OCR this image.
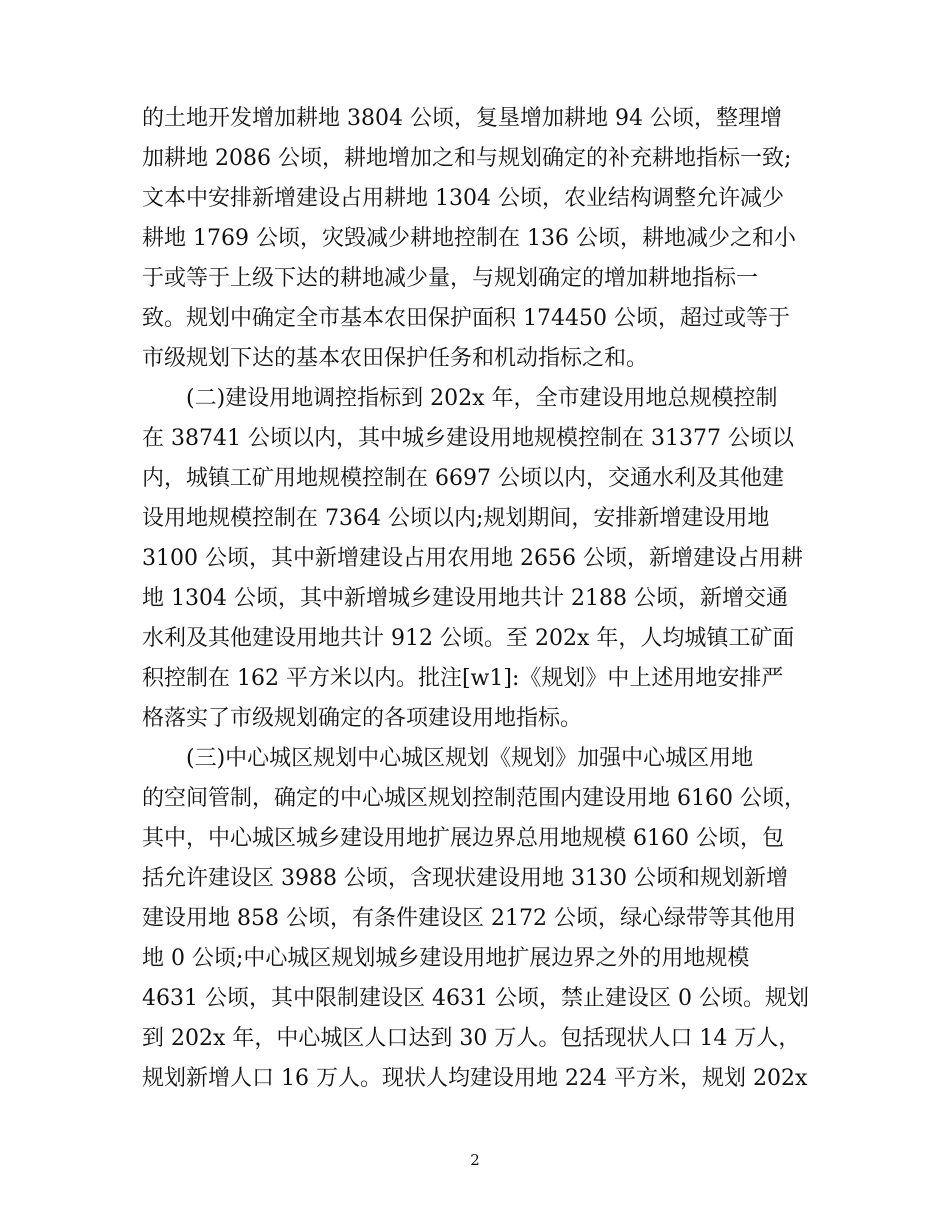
的土地开发增加耕地 3804 公顷，复垦增加耕地 94 公顷，整理增
加耕地 2086 公顷，耕地增加之和与规划确定的补充耕地指标一致;
文本中安排新增建设占用耕地 1304 公顷，农业结构调整允许减少
耕地 1769 公顷，灾毁减少耕地控制在 136 公顷，耕地减少之和小
于或等于上级下达的耕地减少量，与规划确定的增加耕地指标一
致。规划中确定全市基本农田保护面积 174450 公顷，超过或等于
市级规划下达的基本农田保护任务和机动指标之和。
(二)建设用地调控指标到 202x 年，全市建设用地总规模控制
在 38741 公顷以内，其中城乡建设用地规模控制在 31377 公顷以
内，城镇工矿用地规模控制在 6697 公顷以内，交通水利及其他建
设用地规模控制在 7364 公顷以内;规划期间，安排新增建设用地
3100 公顷，其中新增建设占用农用地 2656 公顷，新增建设占用耕
地 1304 公顷，其中新增城乡建设用地共计 2188 公顷，新增交通
水利及其他建设用地共计 912 公顷。至 202x 年，人均城镇工矿面
积控制在 162 平方米以内。批注[w1]:《规划》中上述用地安排严
格落实了市级规划确定的各项建设用地指标。
(三)中心城区规划中心城区规划《规划》加强中心城区用地
的空间管制，确定的中心城区规划控制范围内建设用地 6160 公顷，
其中，中心城区城乡建设用地扩展边界总用地规模 6160 公顷，包
括允许建设区 3988 公顷，含现状建设用地 3130 公顷和规划新增
建设用地 858 公顷，有条件建设区 2172 公顷，绿心绿带等其他用
地 0 公顷;中心城区规划城乡建设用地扩展边界之外的用地规模
4631 公顷，其中限制建设区 4631 公顷，禁止建设区 0 公顷。规划
到 202x 年，中心城区人口达到 30 万人。包括现状人口 14 万人，
规划新增人口 16 万人。现状人均建设用地 224 平方米，规划 202x
2
